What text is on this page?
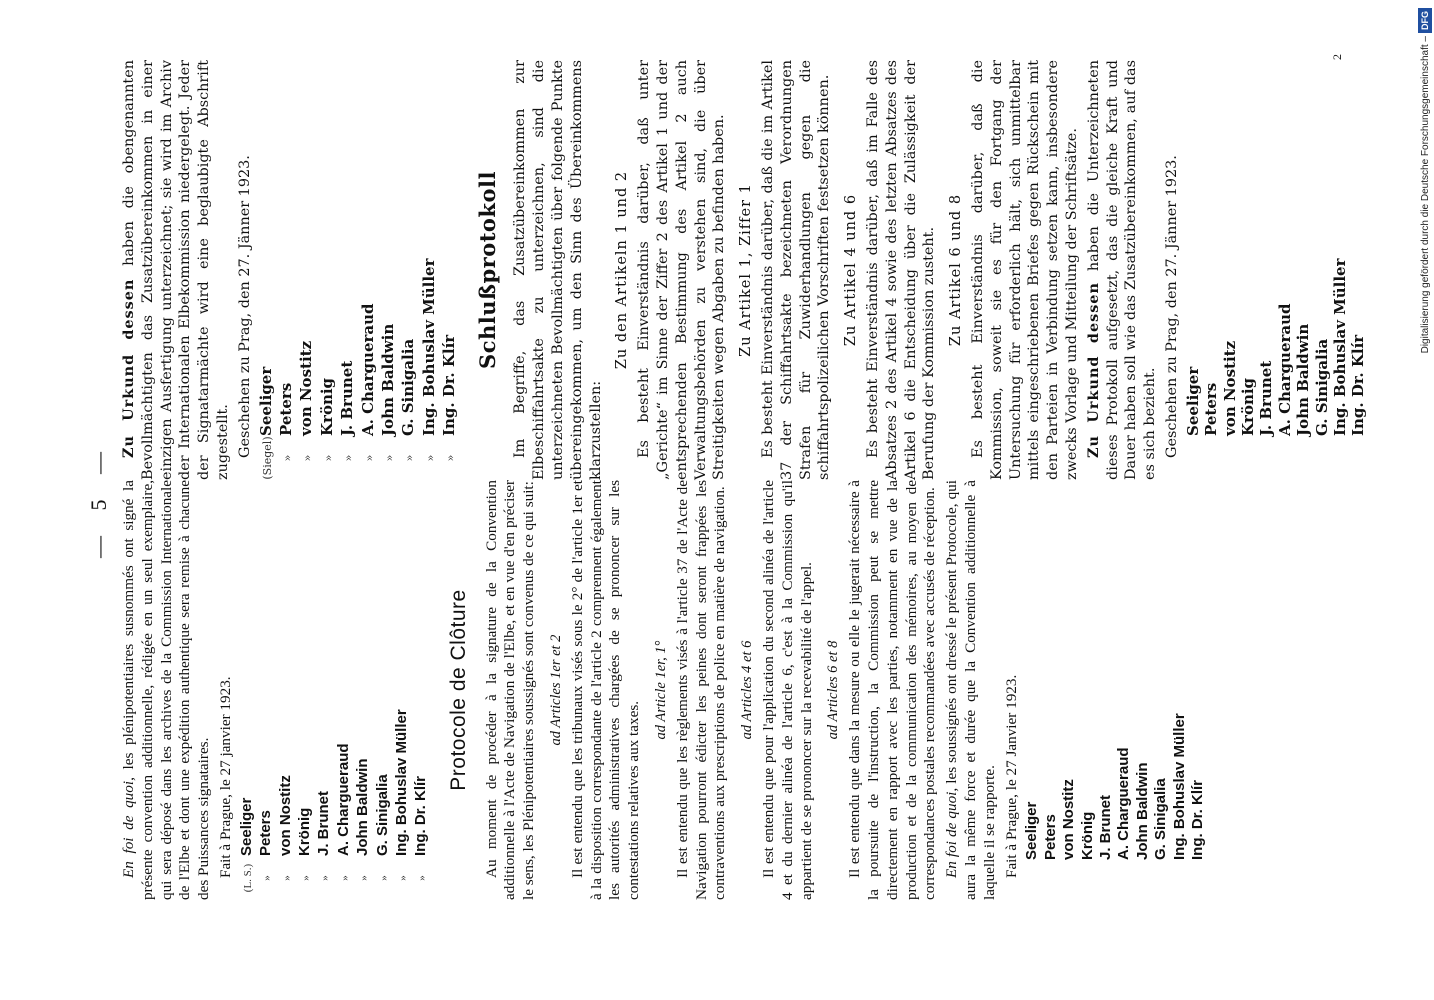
— 5 —

En foi de quoi, les plénipotentiaires susnommés ont signé la présente convention additionnelle, rédigée en un seul exemplaire, qui sera déposé dans les archives de la Commission Internationale de l'Elbe et dont une expédition authentique sera remise à chacune des Puissances signataires. Fait à Prague, le 27 janvier 1923.
(L. S.)
Seeliger
»
Peters
»
von Nostitz
»
Krönig
»
J. Brunet
»
A. Chargueraud
»
John Baldwin
»
G. Sinigalia
»
Ing. Bohuslav Müller
»
Ing. Dr. Klír
Protocole de Clôture Au moment de procéder à la signature de la Convention additionnelle à l'Acte de Navigation de l'Elbe, et en vue d'en préciser le sens, les Plénipotentiaires soussignés sont convenus de ce qui suit: ad Articles 1er et 2 Il est entendu que les tribunaux visés sous le 2° de l'article 1er et à la disposition correspondante de l'article 2 comprennent également les autorités administratives chargées de se prononcer sur les contestations relatives aux taxes.

ad Article 1er, 1° Il est entendu que les règlements visés à l'article 37 de l'Acte de Navigation pourront édicter les peines dont seront frappées les contraventions aux prescriptions de police en matière de navigation. ad Articles 4 et 6 Il est entendu que pour l'application du second alinéa de l'article 4 et du dernier alinéa de l'article 6, c'est à la Commission qu'il appartient de se prononcer sur la recevabilité de l'appel. ad Articles 6 et 8 Il est entendu que dans la mesure ou elle le jugerait nécessaire à la poursuite de l'instruction, la Commission peut se mettre directement en rapport avec les parties, notamment en vue de la production et de la communication des mémoires, au moyen de correspondances postales recommandées avec accusés de réception. En foi de quoi, les soussignés ont dressé le présent Protocole, qui aura la même force et durée que la Convention additionnelle à laquelle il se rapporte. Fait à Prague, le 27 Janvier 1923. Seeliger Peters von Nostitz Krönig J. Brunet A. Chargueraud John Baldwin G. Sinigalia Ing. Bohuslav Müller Ing. Dr. Klír

Zu Urkund dessen haben die obengenannten Bevollmächtigten das Zusatzübereinkommen in einer einzigen Ausfertigung unterzeichnet; sie wird im Archiv der Internationalen Elbekommission niedergelegt. Jeder der Signatarmächte wird eine beglaubigte Abschrift zugestellt. Geschehen zu Prag, den 27. Jänner 1923. (Siegel)
Seeliger
»
Peters
»
von Nostitz
»
Krönig
»
J. Brunet
»
A. Chargueraud
»
John Baldwin
»
G. Sinigalia
»
Ing. Bohuslav Müller
»
Ing. Dr. Klír
Schlußprotokoll Im Begriffe, das Zusatzübereinkommen zur Elbeschiffahrtsakte zu unterzeichnen, sind die unterzeichneten Bevollmächtigten über folgende Punkte übereingekommen, um den Sinn des Übereinkommens klarzustellen:

Zu den Artikeln 1 und 2 Es besteht Einverständnis darüber, daß unter „Gerichte“ im Sinne der Ziffer 2 des Artikel 1 und der entsprechenden Bestimmung des Artikel 2 auch Verwaltungsbehörden zu verstehen sind, die über Streitigkeiten wegen Abgaben zu befinden haben. Zu Artikel 1, Ziffer 1 Es besteht Einverständnis darüber, daß die im Artikel 37 der Schiffahrtsakte bezeichneten Verordnungen Strafen für Zuwiderhandlungen gegen die schiffahrtspolizeilichen Vorschriften festsetzen können. Zu Artikel 4 und 6 Es besteht Einverständnis darüber, daß im Falle des Absatzes 2 des Artikel 4 sowie des letzten Absatzes des Artikel 6 die Entscheidung über die Zulässigkeit der Berufung der Kommission zusteht. Zu Artikel 6 und 8 Es besteht Einverständnis darüber, daß die Kommission, soweit sie es für den Fortgang der Untersuchung für erforderlich hält, sich unmittelbar mittels eingeschriebenen Briefes gegen Rückschein mit den Parteien in Verbindung setzen kann, insbesondere zwecks Vorlage und Mitteilung der Schriftsätze. Zu Urkund dessen haben die Unterzeichneten dieses Protokoll aufgesetzt, das die gleiche Kraft und Dauer haben soll wie das Zusatzübereinkommen, auf das es sich bezieht. Geschehen zu Prag, den 27. Jänner 1923. Seeliger Peters von Nostitz Krönig J. Brunet A. Chargueraud John Baldwin G. Sinigalia Ing. Bohuslav Müller Ing. Dr. Klír
2	Digitalisierung gefördert durch die Deutsche Forschungsgemeinschaft –DFG
